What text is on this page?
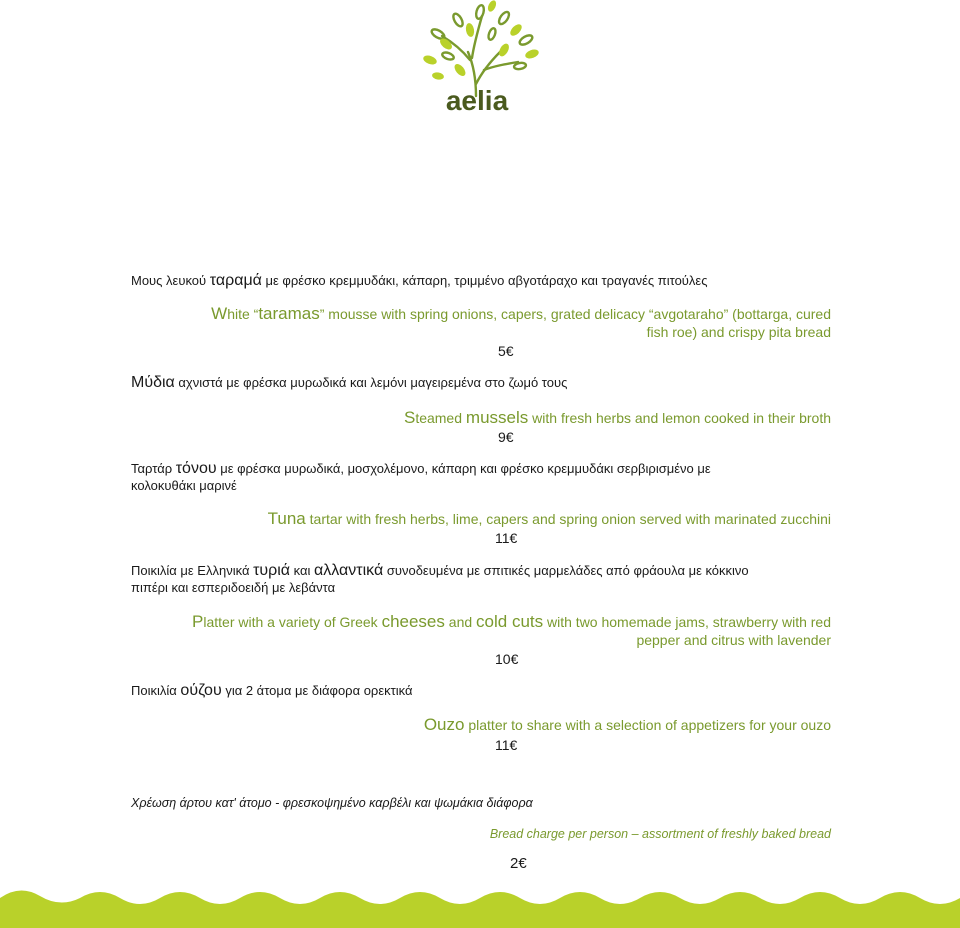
aelia
Μους λευκού ταραμά με φρέσκο κρεμμυδάκι, κάπαρη, τριμμένο αβγοτάραχο και τραγανές πιτούλες
White “taramas” mousse with spring onions, capers, grated delicacy “avgotaraho” (bottarga, cured
fish roe) and crispy pita bread
5€
Μύδια αχνιστά με φρέσκα μυρωδικά και λεμόνι μαγειρεμένα στο ζωμό τους
Steamed mussels with fresh herbs and lemon cooked in their broth
9€
Ταρτάρ τόνου με φρέσκα μυρωδικά, μοσχολέμονο, κάπαρη και φρέσκο κρεμμυδάκι σερβιρισμένο με
κολοκυθάκι μαρινέ
Tuna tartar with fresh herbs, lime, capers and spring onion served with marinated zucchini
11€
Ποικιλία με Ελληνικά τυριά και αλλαντικά συνοδευμένα με σπιτικές μαρμελάδες από φράουλα με κόκκινο
πιπέρι και εσπεριδοειδή με λεβάντα
Platter with a variety of Greek cheeses and cold cuts with two homemade jams, strawberry with red
pepper and citrus with lavender
10€
Ποικιλία ούζου για 2 άτομα με διάφορα ορεκτικά
Ouzo platter to share with a selection of appetizers for your ouzo
11€
Χρέωση άρτου κατ' άτομο - φρεσκοψημένο καρβέλι και ψωμάκια διάφορα
Bread charge per person – assortment of freshly baked bread
2€
